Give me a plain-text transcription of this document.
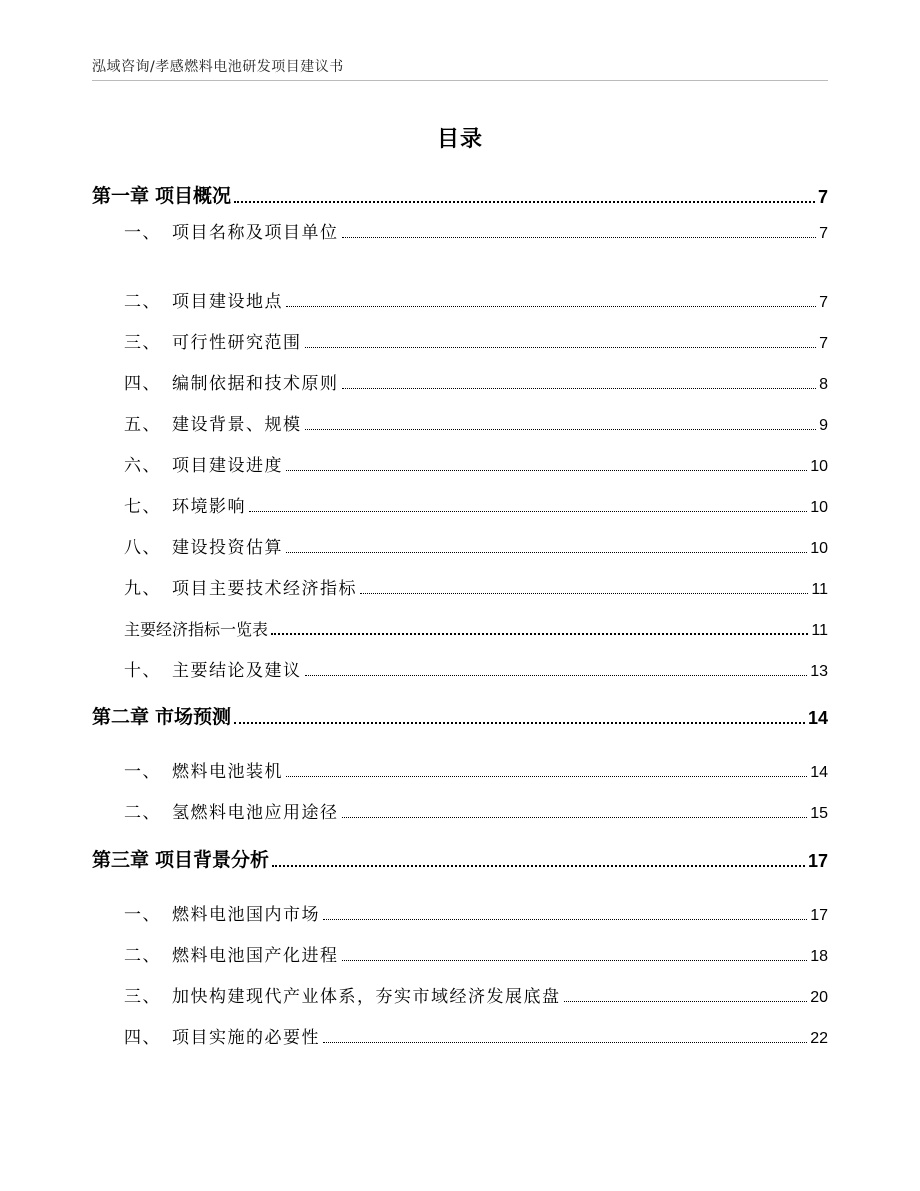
泓域咨询/孝感燃料电池研发项目建议书
目录
第一章 项目概况	7
一、 项目名称及项目单位	7
二、 项目建设地点	7
三、 可行性研究范围	7
四、 编制依据和技术原则	8
五、 建设背景、规模	9
六、 项目建设进度	10
七、 环境影响	10
八、 建设投资估算	10
九、 项目主要技术经济指标	11
主要经济指标一览表	11
十、 主要结论及建议	13
第二章 市场预测	14
一、 燃料电池装机	14
二、 氢燃料电池应用途径	15
第三章 项目背景分析	17
一、 燃料电池国内市场	17
二、 燃料电池国产化进程	18
三、 加快构建现代产业体系，夯实市域经济发展底盘	20
四、 项目实施的必要性	22
